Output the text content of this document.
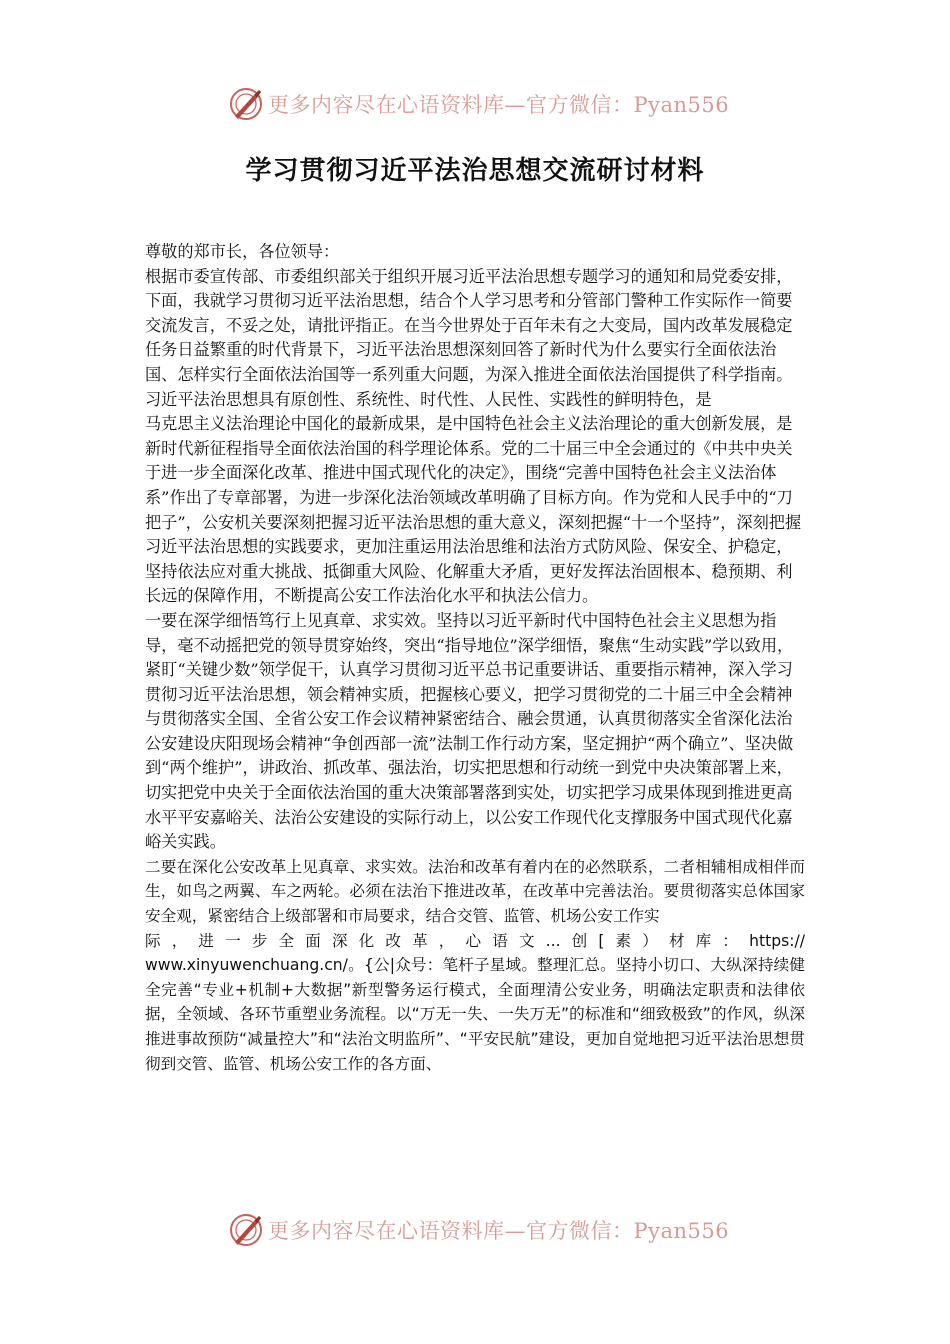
更多内容尽在心语资料库—官方微信：Pyan556
学习贯彻习近平法治思想交流研讨材料

尊敬的郑市长，各位领导：

根据市委宣传部、市委组织部关于组织开展习近平法治思想专题学习的通知和局党委安排，下面，我就学习贯彻习近平法治思想，结合个人学习思考和分管部门警种工作实际作一简要交流发言，不妥之处，请批评指正。在当今世界处于百年未有之大变局，国内改革发展稳定任务日益繁重的时代背景下，习近平法治思想深刻回答了新时代为什么要实行全面依法治国、怎样实行全面依法治国等一系列重大问题，为深入推进全面依法治国提供了科学指南。习近平法治思想具有原创性、系统性、时代性、人民性、实践性的鲜明特色，是

马克思主义法治理论中国化的最新成果，是中国特色社会主义法治理论的重大创新发展，是新时代新征程指导全面依法治国的科学理论体系。党的二十届三中全会通过的《中共中央关于进一步全面深化改革、推进中国式现代化的决定》，围绕“完善中国特色社会主义法治体系”作出了专章部署，为进一步深化法治领域改革明确了目标方向。作为党和人民手中的“刀把子”，公安机关要深刻把握习近平法治思想的重大意义，深刻把握“十一个坚持”，深刻把握习近平法治思想的实践要求，更加注重运用法治思维和法治方式防风险、保安全、护稳定，坚持依法应对重大挑战、抵御重大风险、化解重大矛盾，更好发挥法治固根本、稳预期、利长远的保障作用，不断提高公安工作法治化水平和执法公信力。

一要在深学细悟笃行上见真章、求实效。坚持以习近平新时代中国特色社会主义思想为指导，毫不动摇把党的领导贯穿始终，突出“指导地位”深学细悟，聚焦“生动实践”学以致用，紧盯“关键少数”领学促干，认真学习贯彻习近平总书记重要讲话、重要指示精神，深入学习贯彻习近平法治思想，领会精神实质，把握核心要义，把学习贯彻党的二十届三中全会精神与贯彻落实全国、全省公安工作会议精神紧密结合、融会贯通，认真贯彻落实全省深化法治公安建设庆阳现场会精神“争创西部一流”法制工作行动方案，坚定拥护“两个确立”、坚决做到“两个维护”，讲政治、抓改革、强法治，切实把思想和行动统一到党中央决策部署上来，切实把党中央关于全面依法治国的重大决策部署落到实处，切实把学习成果体现到推进更高水平平安嘉峪关、法治公安建设的实际行动上，以公安工作现代化支撑服务中国式现代化嘉峪关实践。

二要在深化公安改革上见真章、求实效。法治和改革有着内在的必然联系，二者相辅相成相伴而生，如鸟之两翼、车之两轮。必须在法治下推进改革，在改革中完善法治。要贯彻落实总体国家安全观，紧密结合上级部署和市局要求，结合交管、监管、机场公安工作实
际，进一步全面深化改革，心语文...创[素）材库：https://
www.xinyuwenchuang.cn/。{公|众号：笔杆子星域。整理汇总。坚持小切口、大纵深持续健全完善“专业+机制+大数据”新型警务运行模式，全面理清公安业务，明确法定职责和法律依据，全领域、各环节重塑业务流程。以“万无一失、一失万无”的标准和“细致极致”的作风，纵深推进事故预防“减量控大”和“法治文明监所”、“平安民航”建设，更加自觉地把习近平法治思想贯彻到交管、监管、机场公安工作的各方面、
更多内容尽在心语资料库—官方微信：Pyan556
